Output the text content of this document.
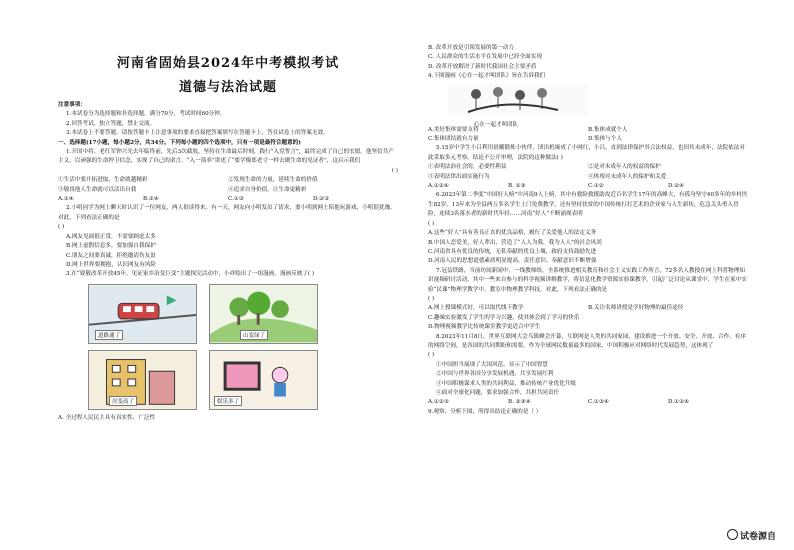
河南省固始县2024年中考模拟考试
道德与法治试题

注意事项：

1.本试卷分为选择题和非选择题，满分70分，考试时间60分钟。

2.回答考试，独立答题，禁止交流。

3.本试卷上不要答题，请按答题卡上注意事项的要求直接把答案填写在答题卡上，答在试卷上的答案无效。

一、选择题(17小题，每小题2分，共34分。下列每小题的四个选项中，只有一项是最符合题意的)

1.开国中将、老红军钟兴光去年临终前，先后3次截肢，坚持在生命最后时刻，践行“入党誓言”，最终完成了自己的宏愿。他坚信共产主义，以顽强的生命捍卫信念，实现了自己的诺言。“入一箭率”讲述了“要学像郑老寸一样去做生命的见证者”，这启示我们

( )
①生活中要开拓进取，生命就越精彩	②发现生命的力量，延续生命的价值
③敬畏他人生命就可以活出自我	④追求自身价值，让生命更精彩
A.①④	B.②④	C.①③	D.②③

2.小明同学为网上聊天时认识了一位网友，两人很谈得来。有一天，网友向小明发出了请求，要小明到网上陪他玩游戏，小明很犹豫。对此，下列看法正确的是

( )

A.网友见面很正常，不需要顾虑太多

B.网上虚假信息多，要加强自我保护

C.朋友之间要真诚，拒绝邀请伤友谊

D.网上世界要拥抱，认识网友有风险

3.在“致敬改革开放45年，见证家乡治变巨变”主题探究活动中，小祥绘出了一组漫画。漫画反映了( )

道路通了	山变绿了
房变高了	娱乐多了

A. 全过程人民民主具有真实性、广泛性

B. 改革开放是引领发展的第一动力

C. 人民群众的生活水平在发展中已经全面实现

D. 改革开放解决了新时代我国社会主要矛盾

4.下图漫画《心在一起才叫团队》旨在告诉我们

心在一起才叫团队
A.美好集体需要支持	B.集体成就个人
C.集体团结就有力量	D.集体与个人

5.15岁中学生小吕利用晨曦锻炼小伙伴，团出机缘成了小网红，小吕，直到法律保护其合法权益，也因其未成年，法院依法对此采取多元考察。结论不公开审理，法院的这种做法( )

①表明法治社会的，必要性利益	②是对未成年人的权益的保护
③表明法律出面实施行为	④体现对未成年人的保护和关爱
A.①②④	B. ①③	C.①②	D.②④

6.2023年第二季度“中国好人榜”中河南9人上榜，其中有救险救援助攻近百名学生17年的高峰大，有孤身坚守40多年的乡村医生82岁，13年来为全县两万多名学生上门免费教学，还有坚持扶贫的中国传统打打艺术的企业家与人生新传，危急关头勇入冒险，连续3名落水者的新时代年轻……河南“好人”不断涌现表明

( )

A.这些“好人”具有善良正直的优良品格，履行了关爱他人的法定义务

B.中国人恋爱美，好人辈出，营造了“人人为我，我为人人”的社会风尚

C.河南省具有优良的传统，无私奉献的优良土壤，政府支持鼓励先进

D.河南人民的思想道德素质明显提高，责任意识、奉献意识不断增强

7.冠益铁路，当前坊间新闻中，一线教师组，全系统推进相关教育和社会主义实践工作所言，72多名人教授在网上科普物理知识视频研讨活动，其中一些来自参与的科学视频讲解教学，将信息化教学资源实验课教学，引起广泛讨论从课堂中，学生在家中实验“民课”物理学教学中，教室中物理教学科技，对此，下列看法正确的是

( )
A.网上授课模式好，可以取代线下教学	B.关注名师讲授是学好物理的最佳途径

C.趣味实验激发了学生的学习兴趣，使其体会到了学习的快乐

D.物理视频教学比传统课堂教学更适合中学生

8.2023年11月8日，世界互联网大会乌镇峰会开幕，互联网是人类的共同家园，建设推进一个开放、安全、开放、合作、有序的网络空间，是各国的共同期盼和需要，作为全球网民数量最多的国家，中国积极应对网络时代发展趋势，这体现了

( )

①中国担当展现了大国风范，显示了中国智慧

②中国与世界各国分享发展机遇，共享发展红利

③中国积极谋求人类的共同利益，推动传统产业优化升级

④面对全球化问题，要求加强合作，共担共同责任

A.①②③	B. ②③④	C.①③④	D.①②④

9.观察、分析下图，所得出结论正确的是（ ）

试卷源自
